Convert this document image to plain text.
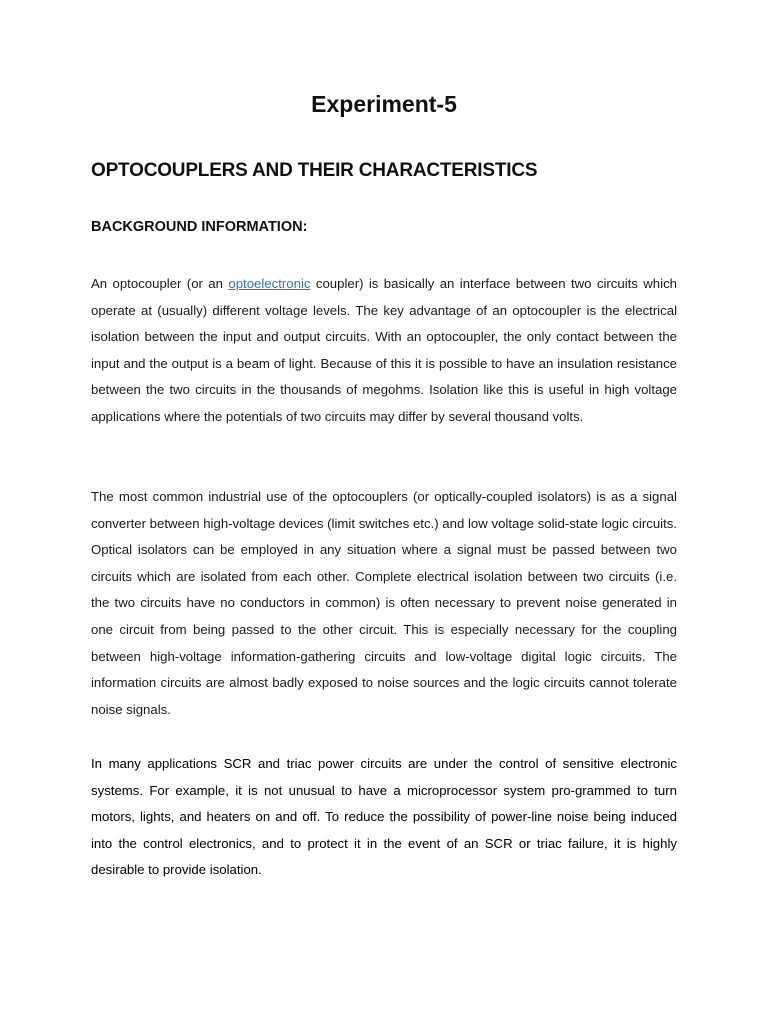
Experiment-5
OPTOCOUPLERS AND THEIR CHARACTERISTICS
BACKGROUND INFORMATION:

An optocoupler (or an optoelectronic coupler) is basically an interface between two circuits which operate at (usually) different voltage levels. The key advantage of an optocoupler is the electrical isolation between the input and output circuits. With an optocoupler, the only contact between the input and the output is a beam of light. Because of this it is possible to have an insulation resistance between the two circuits in the thousands of megohms. Isolation like this is useful in high voltage applications where the potentials of two circuits may differ by several thousand volts.

The most common industrial use of the optocouplers (or optically-coupled isolators) is as a signal converter between high-voltage devices (limit switches etc.) and low voltage solid-state logic circuits. Optical isolators can be employed in any situation where a signal must be passed between two circuits which are isolated from each other. Complete electrical isolation between two circuits (i.e. the two circuits have no conductors in common) is often necessary to prevent noise generated in one circuit from being passed to the other circuit. This is especially necessary for the coupling between high-voltage information-gathering circuits and low-voltage digital logic circuits. The information circuits are almost badly exposed to noise sources and the logic circuits cannot tolerate noise signals.

In many applications SCR and triac power circuits are under the control of sensitive electronic systems. For example, it is not unusual to have a microprocessor system pro-grammed to turn motors, lights, and heaters on and off. To reduce the possibility of power-line noise being induced into the control electronics, and to protect it in the event of an SCR or triac failure, it is highly desirable to provide isolation.
